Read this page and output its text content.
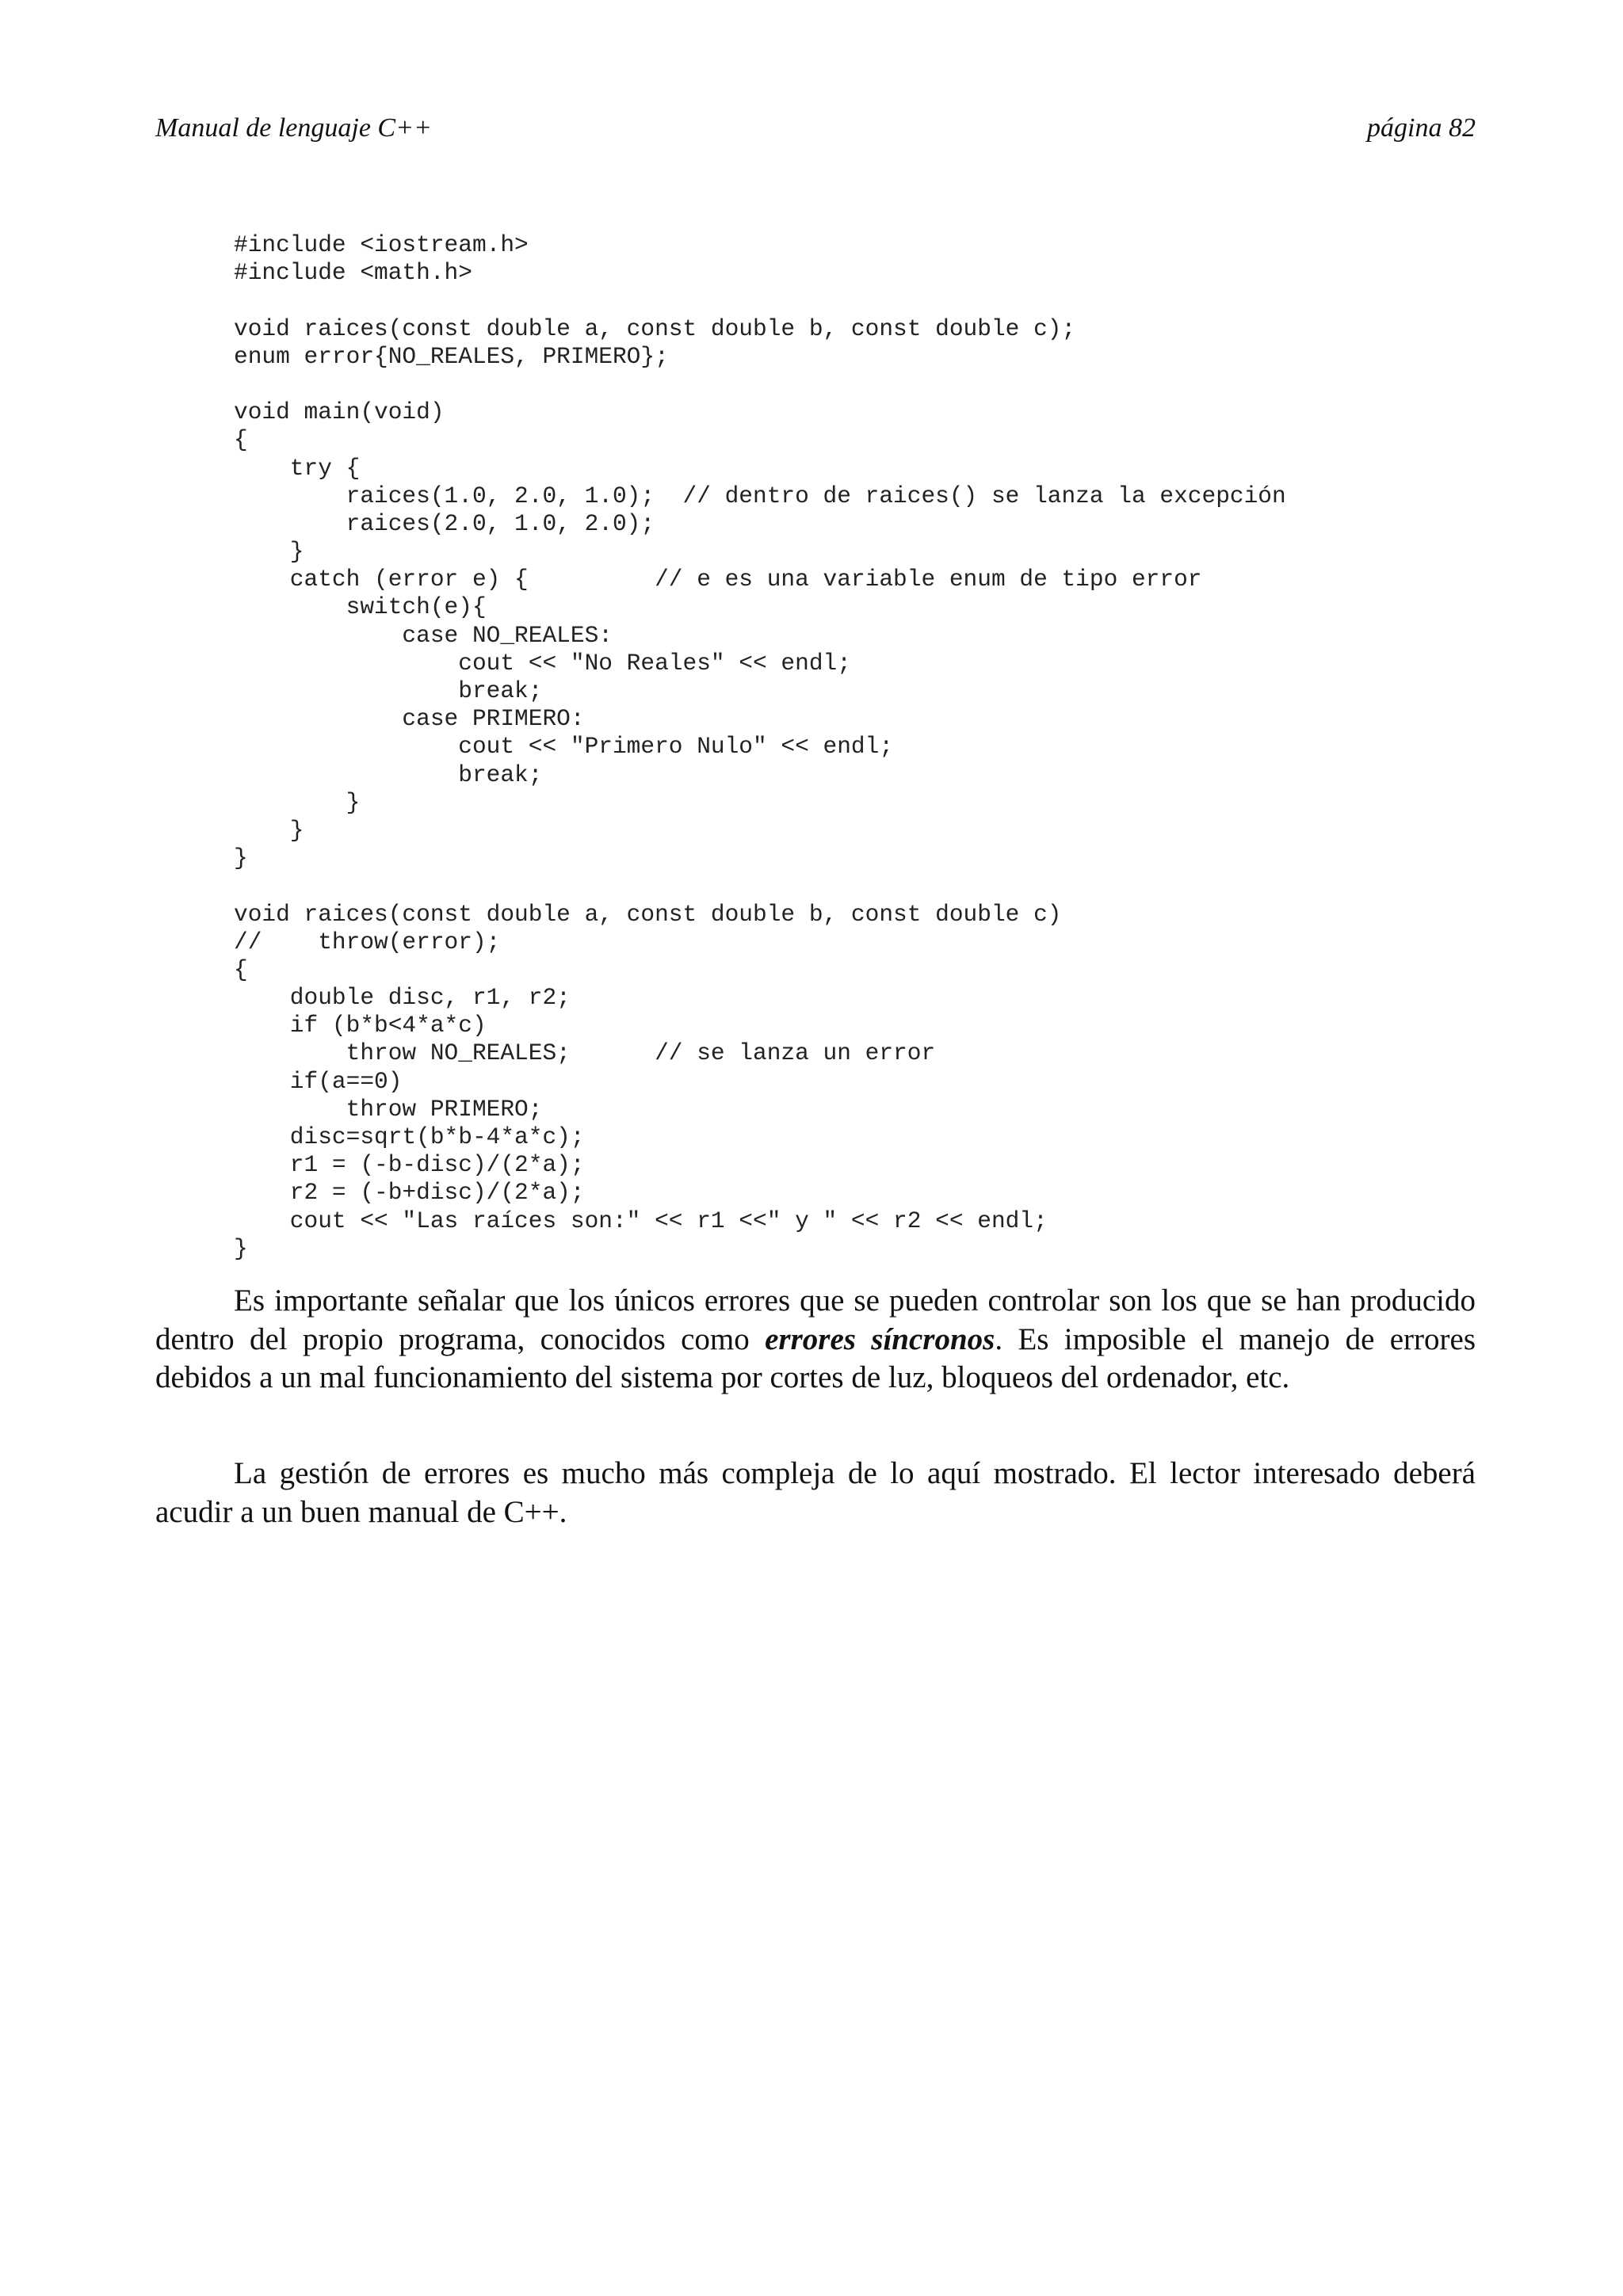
Manual de lenguaje C++	página 82
#include <iostream.h>
#include <math.h>
void raices(const double a, const double b, const double c);
enum error{NO_REALES, PRIMERO};
void main(void)
{
try {
raices(1.0, 2.0, 1.0);  // dentro de raices() se lanza la excepción
raices(2.0, 1.0, 2.0);
}
catch (error e) {         // e es una variable enum de tipo error
switch(e){
case NO_REALES:
cout << "No Reales" << endl;
break;
case PRIMERO:
cout << "Primero Nulo" << endl;
break;
}
}
}
void raices(const double a, const double b, const double c)
//    throw(error);
{
double disc, r1, r2;
if (b*b<4*a*c)
throw NO_REALES;      // se lanza un error
if(a==0)
throw PRIMERO;
disc=sqrt(b*b-4*a*c);
r1 = (-b-disc)/(2*a);
r2 = (-b+disc)/(2*a);
cout << "Las raíces son:" << r1 <<" y " << r2 << endl;
}

Es importante señalar que los únicos errores que se pueden controlar son los que se han producido dentro del propio programa, conocidos como errores síncronos. Es imposible el manejo de errores debidos a un mal funcionamiento del sistema por cortes de luz, bloqueos del ordenador, etc.

La gestión de errores es mucho más compleja de lo aquí mostrado. El lector interesado deberá acudir a un buen manual de C++.
